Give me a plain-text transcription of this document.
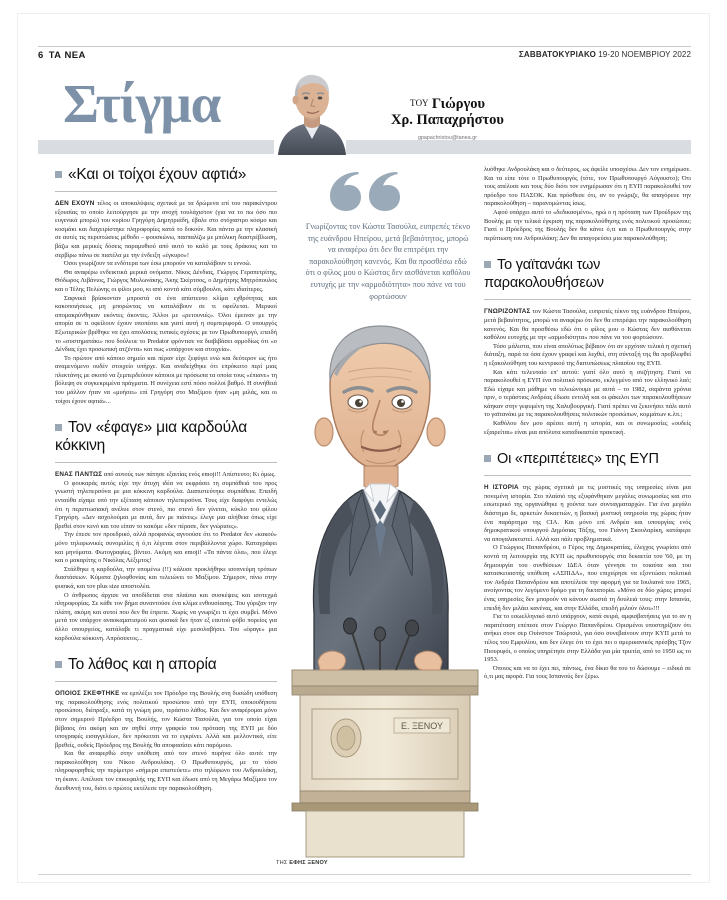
6 ΤΑ ΝΕΑ	ΣΑΒΒΑΤΟΚΥΡΙΑΚΟ 19-20 ΝΟΕΜΒΡΙΟΥ 2022
Στίγμα	ΤΟΥ Γιώργου
Χρ. Παπαχρήστου
gpapachristou@tanea.gr
«Και οι τοίχοι έχουν αφτιά»

ΔΕΝ ΕΧΟΥΝ τέλος οι αποκαλύψεις σχετικά με τα δρώμενα επί του παρακέντρου εξουσίας το οποίο λειτούργησε με την ανοχή τουλάχιστον (για να το πω όσο πιο ευγενικά μπορώ) του κυρίου Γρηγόρη Δημητριάδη, έβαλε στο στόχαστρο κόσμο και κοσμάκι και διαχειρίστηκε πληροφορίες κατά το δοκούν. Και πάντα με την κλασική σε αυτές τις περιπτώσεις μέθοδο – φουσκώνω, πασπαλίζω με μπόλικη διαστρέβλωση, βάζω και μερικές δόσεις παραμυθιού από αυτό το καλό με τους δράκους και το σερβίρω πάνω σε πιατέλα με την ένδειξη «έγκυρο»!

Όσοι γνωρίζουν τα ενδότερα των έσω μπορούν να καταλάβουν τι εννοώ.

Θα αναφέρω ενδεικτικά μερικά ονόματα. Νίκος Δένδιας, Γιώργος Γεραπετρίτης, Θόδωρος Λιβάνιος, Γιώργος Μυλωνάκης, Άκης Σκέρτσος, ο Δημήτρης Μητρόπουλος και ο Τέλης Πελώνης οι φίλοι μου, κι από κοντά κάτι σύμβουλοι, κάτι ιδιαίτερες.

Σαφνικά βρίσκονταν μπροστά σε ένα απίστευτο κλίμα εχθρότητας και κακοποιήσεως μη μπορώντας να καταλάβουν σε τι οφείλεται. Μερικοί απομακρύνθηκαν εκόντες άκοντες. Άλλοι με «ρετουνιές». Όλοι έμειναν με την απορία σε τι οφείλουν έχουν υποπέσει και γιατί αυτή η συμπεριφορά. Ο υπουργός Εξωτερικών βρέθηκε να έχει απολύσεις τυπικές σχέσεις με τον Πρωθυπουργό, επειδή το «συστηματάκι» που δούλευε το Predator φρόντισε να διαβιβάσει αρμοδίως ότι «ο Δένδιας έχει προσωπική ατζέντα» και πως «υπάρχουν και στοιχεία».

Το πρώτον από κάποιο σημείο και πέραν είχε ξεφύγει ενώ και δεύτερον ως ήτο αναμενόμενο ουδέν στοιχείο υπήρχε. Και αναδείχθηκε ότι επρόκειτο περί μιας πλεκτάνης με σκοπό να ξεμπερδεύουν κάποιοι με πρόσωπα τα οποία τους «έπιανε» τη βόλεψη σε συγκεκριμένα πράγματα. Η συνέχεια εστί πόσο πολλοί βαθμό. Η συνήθειά του μάλλον ήταν να «μυήσει» επί Γρηγόρη στο Μαξίμου ήταν «μη μιλάς, και οι τοίχοι έχουν αφτιά»...

Τον «έφαγε» μια καρδούλα κόκκινη

ΕΝΑΣ ΠΑΝΤΩΣ από αυτούς των πάτησε εξαιτίας ενός emoji!! Απίστευτο; Κι όμως.

Ο φουκαράς αυτός είχε την άτυχη ιδέα να εκφράσει τη συμπάθειά του προς γνωστή τηλεπερσόνα με μια κόκκινη καρδούλα. Διαπιστεύτηκε συμπάθεια. Επειδή ενταύθα είχαμε υπό την εξέταση κάποιον τηλεπερσόνα. Τους είχε διαφύγει εντελώς ότι η περιπτωσιακή ανέλυε στον στενό, πιο στενό δεν γίνεται, κύκλο του φίλου Γρηγόρη. «Δεν ασχολούμαι με αυτά, δεν με πιάνεις» έλεγε μια αλήθεια όπως είχε βρεθεί στον κενό και του είπαν το κακόμε «δεν πέρασε, δεν γνώρισες».

Την έπεσε τον προεδρικό, αλλά προφανώς αγνοούσε ότι το Predator δεν «κακού» μόνο τηλεφωνικές συνομιλίες ή ό,τι λέγεται στον περιβάλλοντα χώρο. Καταγράφει και μηνύματα. Φωτογραφίες, βίντεο. Ακόμη και emoji! «Τα πάντα όλα», που έλεγε και ο μακαρίτης ο Νικόλας Λέξιμτος!

Στάλθηκε η καρδούλα, την υπομένω (!!) κάλυσε προκλήθηκε ισοπνεύμη τρόπων διαστάσεων. Κύματα ζηλοφθονίας και τελειώνει το Μαξίμου. Σήμερον, πίνω στην φυσικά, και τον plus size αποστολέα.

Ο άνθρωπος άρχισε να αποδίδεται στα πλαίσια και συσκέψεις και ισοτεχμά πληροφορίας. Σε κάθε τον βήμα συναντούσε ένα κλίμα ενθουσίασης. Του γύριζαν την πλάτη, ακόμη και αυτοί που δεν θα έπρεπε. Χωρίς να γνωρίζει τι έχει συμβεί. Μόνο μετά τον υπάρχον αναοκαματισμού και φυσικά δεν ήταν εξ εαυτού φόβο πορείος για άλλο υπουργείος, κατάλαβε τι πραγματικά είχε μεσολαβήσει. Του «έφαγε» μια καρδούλα κόκκινη. Απρόσεκτος...

Το λάθος και η απορία

ΟΠΟΙΟΣ ΣΚΕΦΤΗΚΕ να εμπλέξει τον Πρόεδρο της Βουλής στη δυσώδη υπόθεση της παρακολούθησης ενός πολιτικού προσώπου από την ΕΥΠ, οποιουδήποτε προσώπου, διέπραξε, κατά τη γνώμη μου, τεράστιο λάθος. Και δεν αναφέρομαι μόνο στον σημερινό Πρόεδρο της Βουλής, τον Κώστα Τασούλα, για τον οποίο είχαι βέβαιος ότι ακόμη και αν σηθεί στην γραφείο του πρόταση της ΕΥΠ με δύο υπογραφές εισαγγελέων, δεν πρόκειται να το εγκρίνει. Αλλά και μελλοντικά, είτε βρεθείς, ουδείς Πρόεδρος της Βουλής θα αποφασίσει κάτι παρόμοιο.

Και θα αναφερθώ στην υπόθεση από τον στενό πυρήνα όλο αυτό: την παρακολούθηση του Νίκου Ανδρουλάκη. Ο Πρωθυπουργός, με το τόσο πληροφορηθείς την περίμετρο «σήμερα επιστεύετε» στο τηλέφωνο του Ανδρουλάκη, τη έκανε. Απέλυσε τον επικεφαλής της ΕΥΠ και έδωσε από τη Μεγάρω Μαξίμου τον διευθυντή του, διότι ο πρώτος εκτέλεσε την παρακολούθηση.

Γνωρίζοντας τον Κώστα Τασούλα, ευπρεπές τέκνο της ευάνδρου Ηπείρου, μετά βεβαιότητος, μπορώ να αναφέρω ότι δεν θα επιτρέψει την παρακολούθηση κανενός. Και θα προσθέσω εδώ ότι ο φίλος μου ο Κώστας δεν αισθάνεται καθόλου ευτυχής με την «αρμοδιότητα» που πάνε να του φορτώσουν
Ε. ΞΕΝΟΥ
ΤΗΣ ΕΦΗΣ ΞΕΝΟΥ

λυόθηκε Ανδρουλάκη και ο δεύτερος, ως άφείλε υποσχέσω. Δεν τον ενημέρωσε. Και τα είπε τότε ο Πρωθυπουργός (τότε, τον Πρωθυπουργό Αύγουστο); Ότι τους απέλυσε και τους δύο διότι τον ενημέρωσαν ότι η ΕΥΠ παρακολουθεί τον πρόεδρο του ΠΑΣΟΚ. Και πρόσθεσε ότι, αν το γνώριζε, θα απαγόρευε την παρακολούθηση – παρανομώντας ίσως.

Αφού υπάρχει αυτό το «δεδικασμένο», ηρώ ο η πρόταση των Προέδρων της Βουλής με την τελικά έγκριση της παρακολούθησης ενός πολιτικού προσώπου; Γιατί ο Πρόεδρος της Βουλής δεν θα κάνει ό,τι και ο Πρωθυπουργός στην περίπτωση του Ανδρουλάκη; Δεν θα απαγορεύσει μια παρακολούθηση;

Το γαϊτανάκι των παρακολουθήσεων

ΓΝΩΡΙΖΟΝΤΑΣ τον Κώστα Τασούλα, ευπρεπές τέκνο της ευάνδρου Ηπείρου, μετά βεβαιότητος, μπορώ να αναφέρω ότι δεν θα επιτρέψει την παρακολούθηση κανενός. Και θα προσθέσω εδώ ότι ο φίλος μου ο Κώστας δεν αισθάνεται καθόλου ευτυχής με την «αρμοδιότητα» που πάνε να του φορτώσουν.

Τόσο μάλιστα, που είναι απολύτως βέβαιον ότι αν ερχόταν τελικά η σχετική διάταξη, παρά τα όσα έχουν γραφεί και λεχθεί, στη σύνταξή της θα προβλεφθεί η εξακολούθηση του κεντρικού της διατυπώσεως πλαισίου της ΕΥΠ.

Και κάτι τελευταίο επ' αυτού: γιατί όλο αυτό η συζήτηση; Γιατί να παρακολουθεί η ΕΥΠ ένα πολιτικό πρόσωπο, εκλεγμένο από τον ελληνικό λαό; Εδώ είχαμε και μάθημε να τελειώνουμε με αυτά – το 1982, σαράντα χρόνια πριν, ο τεράστιος Ανδρέας έδωσε εντολή και οι φάκελοι των παρακολουθήσεων κάηκαν στην γεφυμένη της Χαλυβουργική. Γιατί πρέπει να ξεκινήσει πάλι αυτό το γαϊτανάκι με τις παρακολουθήσεις πολιτικών προσώπων, κομμάτων κ.λπ.;

Καθόλου δεν μου αρέσει αυτή η ιστορία, και οι συνωμοσίες «ουδείς εξαιρείται» είναι μια απόλυτα καταδικαστέα πρακτική.

Οι «περιπέτειες» της ΕΥΠ

Η ΙΣΤΟΡΙΑ της χώρας σχετικά με τις μυστικές της υπηρεσίες είναι μια πονεμένη ιστορία. Στο πλαίσιό της εξυφάνθηκαν μεγάλες συνωμοσίες και στο εσωτερικό της οργανώθηκε η χούντα των συνταγματαρχών. Για ένα μεγάλο διάστημα δε, αρκετών δεκαετιών, η βασική μυστική υπηρεσία της χώρας ήταν ένα παράρτημα της CIA. Και μόνο επί Ανδρέα και υπουργίας ενός δημοκρατικού υπουργού Δημόσιας Τάξης, του Γιάννη Σκουλαρίκη, κατάφερε να απογαλακτιστεί. Αλλά και πάλι προβληματικά.

Ο Γεώργιος Παπανδρέου, ο Γέρος της Δημοκρατίας, έλεγχος γνωρίσει από κοντά τη λειτουργία της ΚΥΠ ως πρωθυπουργός στα δεκαετία του '60, με τη δημιουργία του συνθέσεων ΙΔΕΑ όταν γέννησε το τοιαύτα και του κατασκευαστής υπόθεση «ΑΣΠΙΔΑ», που επιχείρησε να εξοντώσει πολιτικά τον Ανδρέα Παπανδρέου και αποτέλεσε την αφορμή για τα Ιουλιανά του 1965, ανοίγοντας τον λεγόμενο δρόμο για τη δικτατορία. «Μόνο σε δύο χώρες μπορεί ένας υπηρεσίες δεν μπορούν να κάνουν σωστά τη δουλειά τους: στην Ισπανία, επειδή δεν μιλάει κανένας, και στην Ελλάδα, επειδή μιλούν όλοι»!!!

Για το εσωελληνικό αυτό υπάρχουν, κατά σειρά, αμφισβατήσεις για το αν η παρατέταση επέπεσε στον Γεώργιο Παπανδρέου. Ορισμένοι υποστηρίζουν ότι ανήκει στον σερ Ουίνστον Τσώρτσιλ, για όσο συνεβαίνουν στην ΚΥΠ μετά το τέλος του Εμφυλίου, και δεν έλεγε ότι το έχει πει ο αμερικανικός πρέσβης Τζον Πιουριφόι, ο οποίος υπηρέτησε στην Ελλάδα για μία τριετία, από το 1950 ως το 1953.

Όποιος και να το έχει πει, πάντως, ένα δίκιο θα του το δώσουμε – ειδικά σε ό,τι μας αφορά. Για τους Ισπανούς δεν ξέρω.
